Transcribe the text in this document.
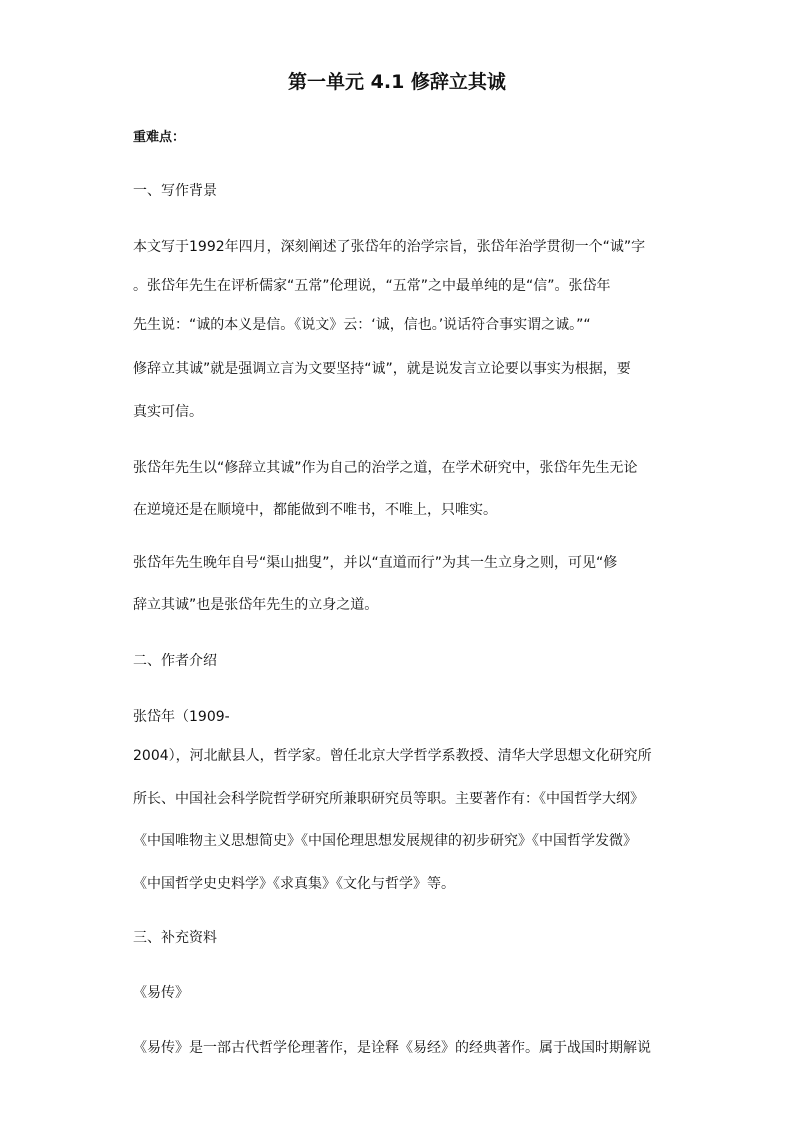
第一单元 4.1 修辞立其诚

重难点：

一、写作背景

本文写于1992年四月，深刻阐述了张岱年的治学宗旨，张岱年治学贯彻一个“诚”字

。张岱年先生在评析儒家“五常”伦理说，“五常”之中最单纯的是“信”。张岱年

先生说：“诚的本义是信。《说文》云：‘诚，信也。’说话符合事实谓之诚。”“

修辞立其诚”就是强调立言为文要坚持“诚”，就是说发言立论要以事实为根据，要

真实可信。

张岱年先生以“修辞立其诚”作为自己的治学之道，在学术研究中，张岱年先生无论

在逆境还是在顺境中，都能做到不唯书，不唯上，只唯实。

张岱年先生晚年自号“渠山拙叟”，并以“直道而行”为其一生立身之则，可见“修

辞立其诚”也是张岱年先生的立身之道。

二、作者介绍

张岱年（1909-

2004），河北献县人，哲学家。曾任北京大学哲学系教授、清华大学思想文化研究所

所长、中国社会科学院哲学研究所兼职研究员等职。主要著作有：《中国哲学大纲》

《中国唯物主义思想简史》《中国伦理思想发展规律的初步研究》《中国哲学发微》

《中国哲学史史料学》《求真集》《文化与哲学》等。

三、补充资料

《易传》

《易传》是一部古代哲学伦理著作，是诠释《易经》的经典著作。属于战国时期解说
